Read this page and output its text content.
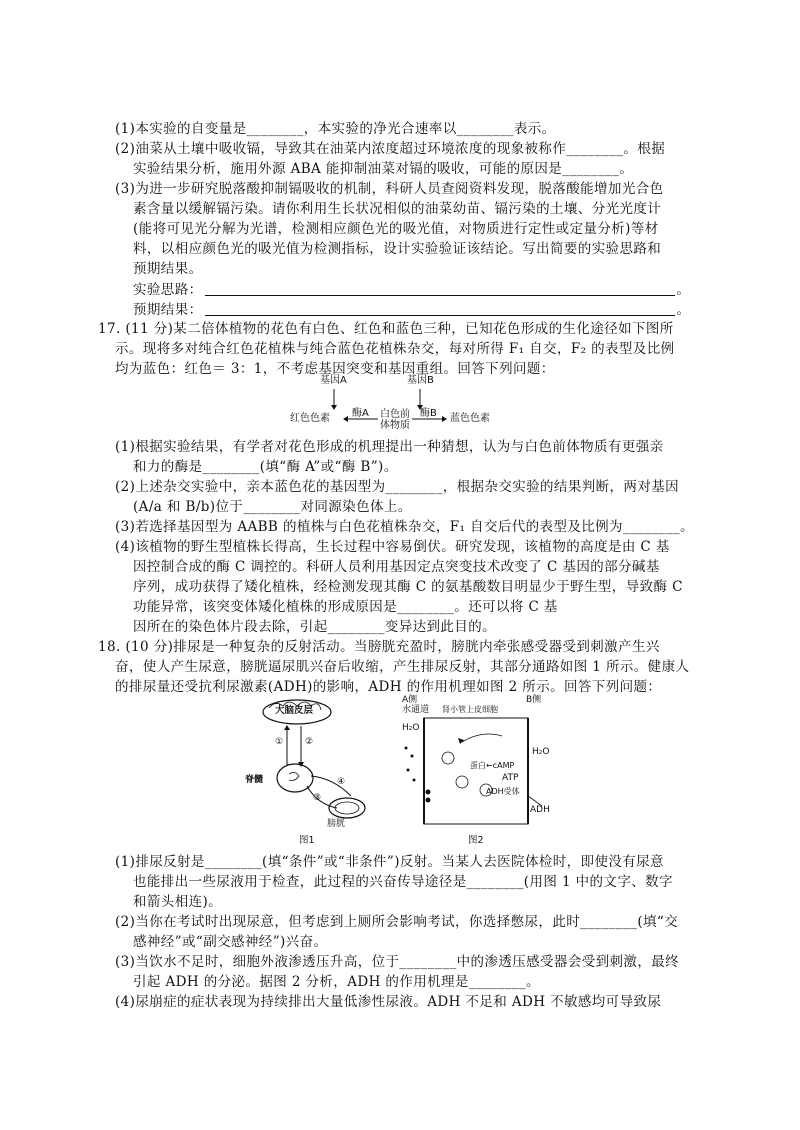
(1)本实验的自变量是________，本实验的净光合速率以________表示。
(2)油菜从土壤中吸收镉，导致其在油菜内浓度超过环境浓度的现象被称作________。根据
实验结果分析，施用外源 ABA 能抑制油菜对镉的吸收，可能的原因是________。
(3)为进一步研究脱落酸抑制镉吸收的机制，科研人员查阅资料发现，脱落酸能增加光合色
素含量以缓解镉污染。请你利用生长状况相似的油菜幼苗、镉污染的土壤、分光光度计
(能将可见光分解为光谱，检测相应颜色光的吸光值，对物质进行定性或定量分析)等材
料，以相应颜色光的吸光值为检测指标，设计实验验证该结论。写出简要的实验思路和
预期结果。
实验思路：	。
预期结果：	。
17. (11 分)某二倍体植物的花色有白色、红色和蓝色三种，已知花色形成的生化途径如下图所
示。现将多对纯合红色花植株与纯合蓝色花植株杂交，每对所得 F₁ 自交，F₂ 的表型及比例
均为蓝色：红色＝ 3：1，不考虑基因突变和基因重组。回答下列问题：
基因A	基因B
酶A	酶B
白色前
体物质
红色色素	蓝色色素
(1)根据实验结果，有学者对花色形成的机理提出一种猜想，认为与白色前体物质有更强亲
和力的酶是________(填“酶 A”或“酶 B”)。
(2)上述杂交实验中，亲本蓝色花的基因型为________，根据杂交实验的结果判断，两对基因
(A/a 和 B/b)位于________对同源染色体上。
(3)若选择基因型为 AABB 的植株与白色花植株杂交，F₁ 自交后代的表型及比例为________。
(4)该植物的野生型植株长得高，生长过程中容易倒伏。研究发现，该植物的高度是由 C 基
因控制合成的酶 C 调控的。科研人员利用基因定点突变技术改变了 C 基因的部分碱基
序列，成功获得了矮化植株，经检测发现其酶 C 的氨基酸数目明显少于野生型，导致酶 C
功能异常，该突变体矮化植株的形成原因是________。还可以将 C 基
因所在的染色体片段去除，引起________变异达到此目的。
18. (10 分)排尿是一种复杂的反射活动。当膀胱充盈时，膀胱内牵张感受器受到刺激产生兴
奋，使人产生尿意，膀胱逼尿肌兴奋后收缩，产生排尿反射，其部分通路如图 1 所示。健康人
的排尿量还受抗利尿激素(ADH)的影响，ADH 的作用机理如图 2 所示。回答下列问题：
大脑皮层
① ②
③
④
脊髓
膀胱
图1
A侧
水通道
H₂O
肾小管上皮细胞
B侧
H₂O
蛋白←cAMP
ATP
ADH受体
ADH
图2
(1)排尿反射是________(填“条件”或“非条件”)反射。当某人去医院体检时，即使没有尿意
也能排出一些尿液用于检查，此过程的兴奋传导途径是________(用图 1 中的文字、数字
和箭头相连)。
(2)当你在考试时出现尿意，但考虑到上厕所会影响考试，你选择憋尿，此时________(填“交
感神经”或“副交感神经”)兴奋。
(3)当饮水不足时，细胞外液渗透压升高，位于________中的渗透压感受器会受到刺激，最终
引起 ADH 的分泌。据图 2 分析，ADH 的作用机理是________。
(4)尿崩症的症状表现为持续排出大量低渗性尿液。ADH 不足和 ADH 不敏感均可导致尿
